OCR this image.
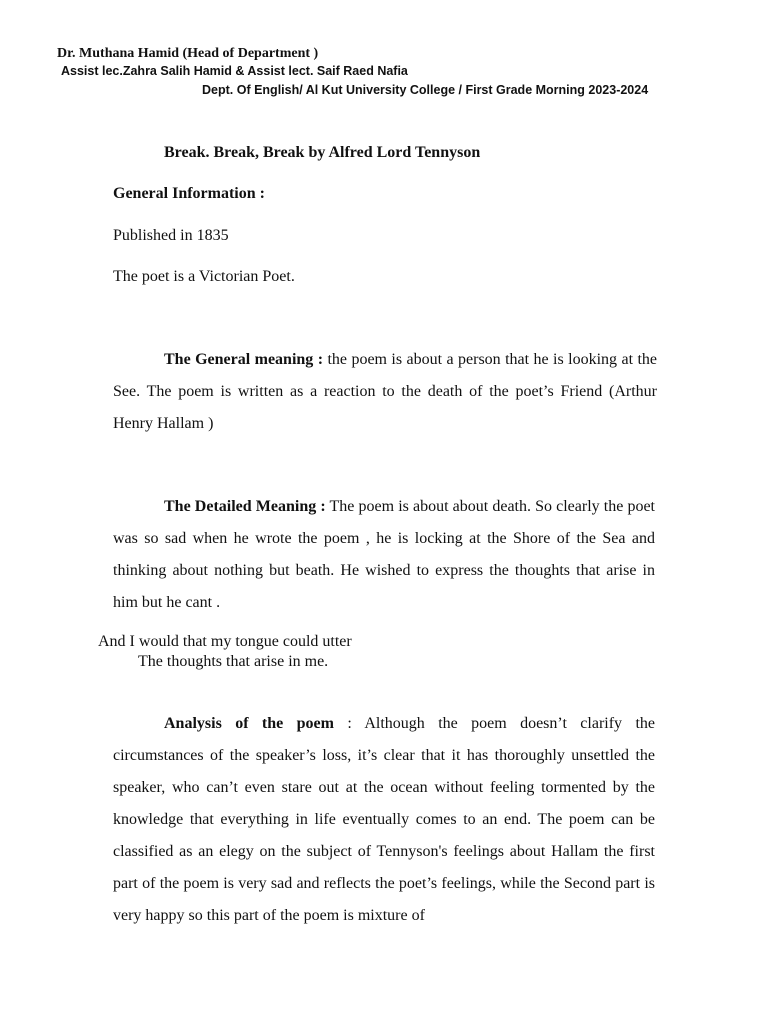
Dr. Muthana Hamid (Head of Department )
Assist lec.Zahra Salih Hamid & Assist lect. Saif Raed Nafia
Dept. Of English/ Al Kut University College / First Grade Morning 2023-2024
Break. Break, Break by Alfred Lord Tennyson
General Information :
Published in 1835
The poet is a Victorian Poet.

The General meaning : the poem is about a person that he is looking at the See. The poem is written as a reaction to the death of the poet’s Friend (Arthur Henry Hallam )

The Detailed Meaning : The poem is about about death. So clearly the poet was so sad when he wrote the poem , he is locking at the Shore of the Sea and thinking about nothing but beath. He wished to express the thoughts that arise in him but he cant .

And I would that my tongue could utter
The thoughts that arise in me.

Analysis of the poem : Although the poem doesn’t clarify the circumstances of the speaker’s loss, it’s clear that it has thoroughly unsettled the speaker, who can’t even stare out at the ocean without feeling tormented by the knowledge that everything in life eventually comes to an end. The poem can be classified as an elegy on the subject of Tennyson's feelings about Hallam the first part of the poem is very sad and reflects the poet’s feelings, while the Second part is very happy so this part of the poem is mixture of
